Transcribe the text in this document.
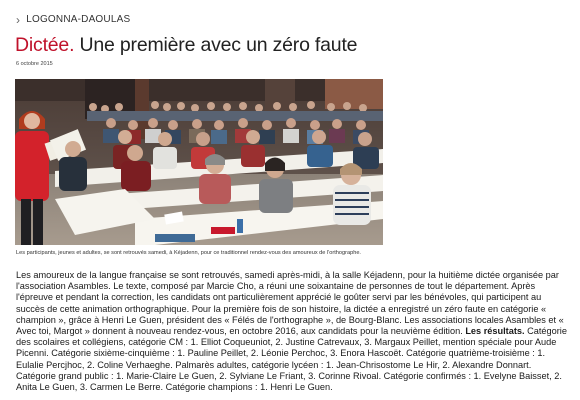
› LOGONNA-DAOULAS
Dictée. Une première avec un zéro faute
6 octobre 2015
Les participants, jeunes et adultes, se sont retrouvés samedi, à Kéjadenn, pour ce traditionnel rendez-vous des amoureux de l'orthographe.
Les amoureux de la langue française se sont retrouvés, samedi après-midi, à la salle Kéjadenn, pour la huitième dictée organisée par l'association Asambles. Le texte, composé par Marcie Cho, a réuni une soixantaine de personnes de tout le département. Après l'épreuve et pendant la correction, les candidats ont particulièrement apprécié le goûter servi par les bénévoles, qui participent au succès de cette animation orthographique. Pour la première fois de son histoire, la dictée a enregistré un zéro faute en catégorie « champion », grâce à Henri Le Guen, président des « Félés de l'orthographe », de Bourg-Blanc. Les associations locales Asambles et « Avec toi, Margot » donnent à nouveau rendez-vous, en octobre 2016, aux candidats pour la neuvième édition. Les résultats. Catégorie des scolaires et collégiens, catégorie CM : 1. Elliot Coqueuniot, 2. Justine Catrevaux, 3. Margaux Peillet, mention spéciale pour Aude Picenni. Catégorie sixième-cinquième : 1. Pauline Peillet, 2. Léonie Perchoc, 3. Enora Hascoët. Catégorie quatrième-troisième : 1. Eulalie Percjhoc, 2. Coline Verhaeghe. Palmarès adultes, catégorie lycéen : 1. Jean-Chrisostome Le Hir, 2. Alexandre Donnart. Catégorie grand public : 1. Marie-Claire Le Guen, 2. Sylviane Le Friant, 3. Corinne Rivoal. Catégorie confirmés : 1. Evelyne Baisset, 2. Anita Le Guen, 3. Carmen Le Berre. Catégorie champions : 1. Henri Le Guen.
